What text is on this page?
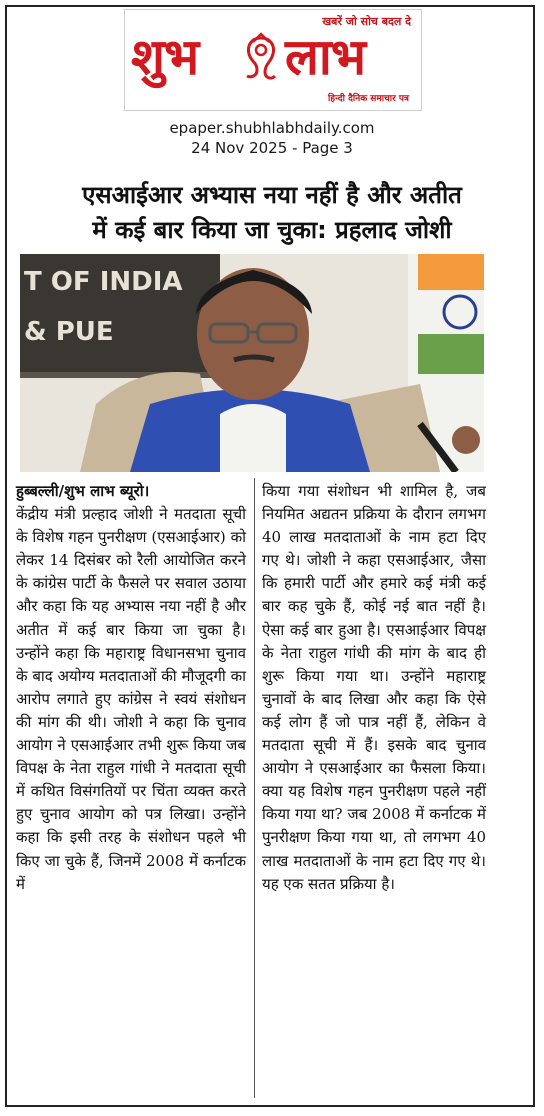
खबरें जो सोच बदल दे
शुभ लाभ
हिन्दी दैनिक समाचार पत्र
epaper.shubhlabhdaily.com
24 Nov 2025 - Page 3
एसआईआर अभ्यास नया नहीं है और अतीत
में कई बार किया जा चुका: प्रहलाद जोशी
T OF INDIA
& PUE

हुब्बल्ली/शुभ लाभ ब्यूरो।
केंद्रीय मंत्री प्रल्हाद जोशी ने मतदाता सूची के विशेष गहन पुनरीक्षण (एसआईआर) को लेकर 14 दिसंबर को रैली आयोजित करने के कांग्रेस पार्टी के फैसले पर सवाल उठाया और कहा कि यह अभ्यास नया नहीं है और अतीत में कई बार किया जा चुका है। उन्होंने कहा कि महाराष्ट्र विधानसभा चुनाव के बाद अयोग्य मतदाताओं की मौजूदगी का आरोप लगाते हुए कांग्रेस ने स्वयं संशोधन की मांग की थी। जोशी ने कहा कि चुनाव आयोग ने एसआईआर तभी शुरू किया जब विपक्ष के नेता राहुल गांधी ने मतदाता सूची में कथित विसंगतियों पर चिंता व्यक्त करते हुए चुनाव आयोग को पत्र लिखा। उन्होंने कहा कि इसी तरह के संशोधन पहले भी किए जा चुके हैं, जिनमें 2008 में कर्नाटक में

किया गया संशोधन भी शामिल है, जब नियमित अद्यतन प्रक्रिया के दौरान लगभग 40 लाख मतदाताओं के नाम हटा दिए गए थे। जोशी ने कहा एसआईआर, जैसा कि हमारी पार्टी और हमारे कई मंत्री कई बार कह चुके हैं, कोई नई बात नहीं है। ऐसा कई बार हुआ है। एसआईआर विपक्ष के नेता राहुल गांधी की मांग के बाद ही शुरू किया गया था। उन्होंने महाराष्ट्र चुनावों के बाद लिखा और कहा कि ऐसे कई लोग हैं जो पात्र नहीं हैं, लेकिन वे मतदाता सूची में हैं। इसके बाद चुनाव आयोग ने एसआईआर का फैसला किया। क्या यह विशेष गहन पुनरीक्षण पहले नहीं किया गया था? जब 2008 में कर्नाटक में पुनरीक्षण किया गया था, तो लगभग 40 लाख मतदाताओं के नाम हटा दिए गए थे। यह एक सतत प्रक्रिया है।
